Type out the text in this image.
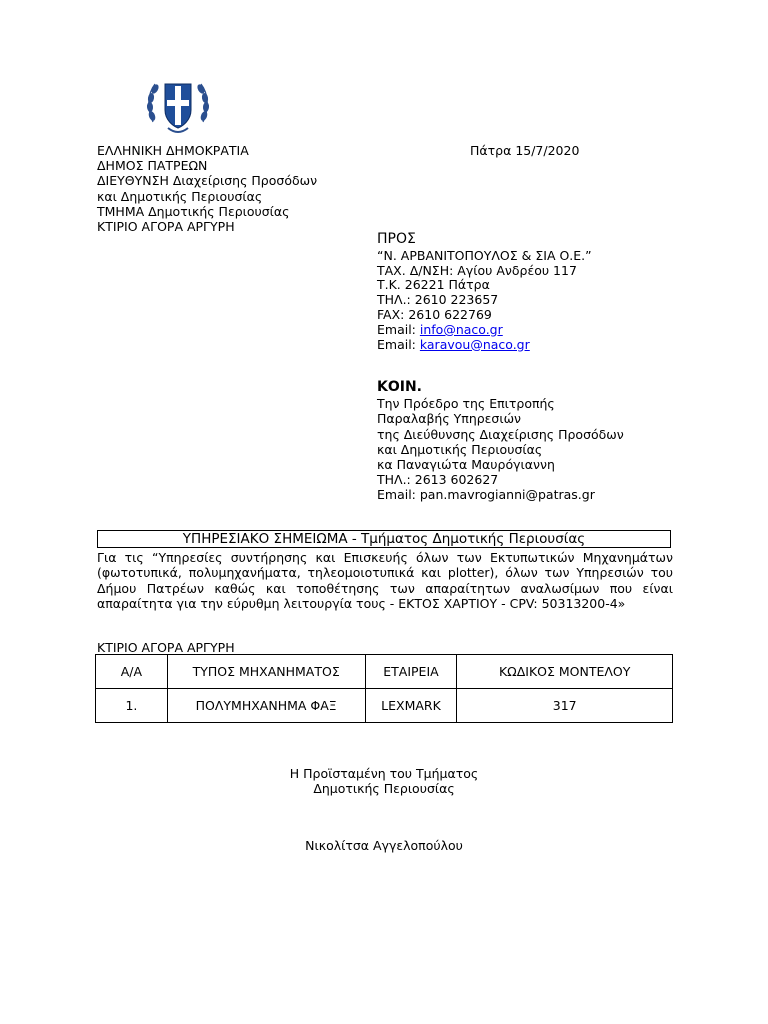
ΕΛΛΗΝΙΚΗ ΔΗΜΟΚΡΑΤΙΑ
ΔΗΜΟΣ ΠΑΤΡΕΩΝ
ΔΙΕΥΘΥΝΣΗ Διαχείρισης Προσόδων
και Δημοτικής Περιουσίας
ΤΜΗΜΑ Δημοτικής Περιουσίας
ΚΤΙΡΙΟ ΑΓΟΡΑ ΑΡΓΥΡΗ
Πάτρα 15/7/2020
ΠΡΟΣ
“Ν. ΑΡΒΑΝΙΤΟΠΟΥΛΟΣ & ΣΙΑ Ο.Ε.”
ΤΑΧ. Δ/ΝΣΗ: Αγίου Ανδρέου 117
Τ.Κ. 26221 Πάτρα
ΤΗΛ.: 2610 223657
FAX: 2610 622769
Email: info@naco.gr
Email: karavou@naco.gr
ΚΟΙΝ.
Την Πρόεδρο της Επιτροπής
Παραλαβής Υπηρεσιών
της Διεύθυνσης Διαχείρισης Προσόδων
και Δημοτικής Περιουσίας
κα Παναγιώτα Μαυρόγιαννη
ΤΗΛ.: 2613 602627
Email: pan.mavrogianni@patras.gr
ΥΠΗΡΕΣΙΑΚΟ ΣΗΜΕΙΩΜΑ - Τμήματος Δημοτικής Περιουσίας
Για τις “Υπηρεσίες συντήρησης και Επισκευής όλων των Εκτυπωτικών Μηχανημάτων (φωτοτυπικά, πολυμηχανήματα, τηλεομοιοτυπικά και plotter), όλων των Υπηρεσιών του Δήμου Πατρέων καθώς και τοποθέτησης των απαραίτητων αναλωσίμων που είναι απαραίτητα για την εύρυθμη λειτουργία τους - ΕΚΤΟΣ ΧΑΡΤΙΟΥ - CPV: 50313200-4»
ΚΤΙΡΙΟ ΑΓΟΡΑ ΑΡΓΥΡΗ
Α/Α	ΤΥΠΟΣ ΜΗΧΑΝΗΜΑΤΟΣ	ΕΤΑΙΡΕΙΑ	ΚΩΔΙΚΟΣ ΜΟΝΤΕΛΟΥ
1.	ΠΟΛΥΜΗΧΑΝΗΜΑ ΦΑΞ	LEXMARK	317
Η Προϊσταμένη του Τμήματος
Δημοτικής Περιουσίας
Νικολίτσα Αγγελοπούλου
